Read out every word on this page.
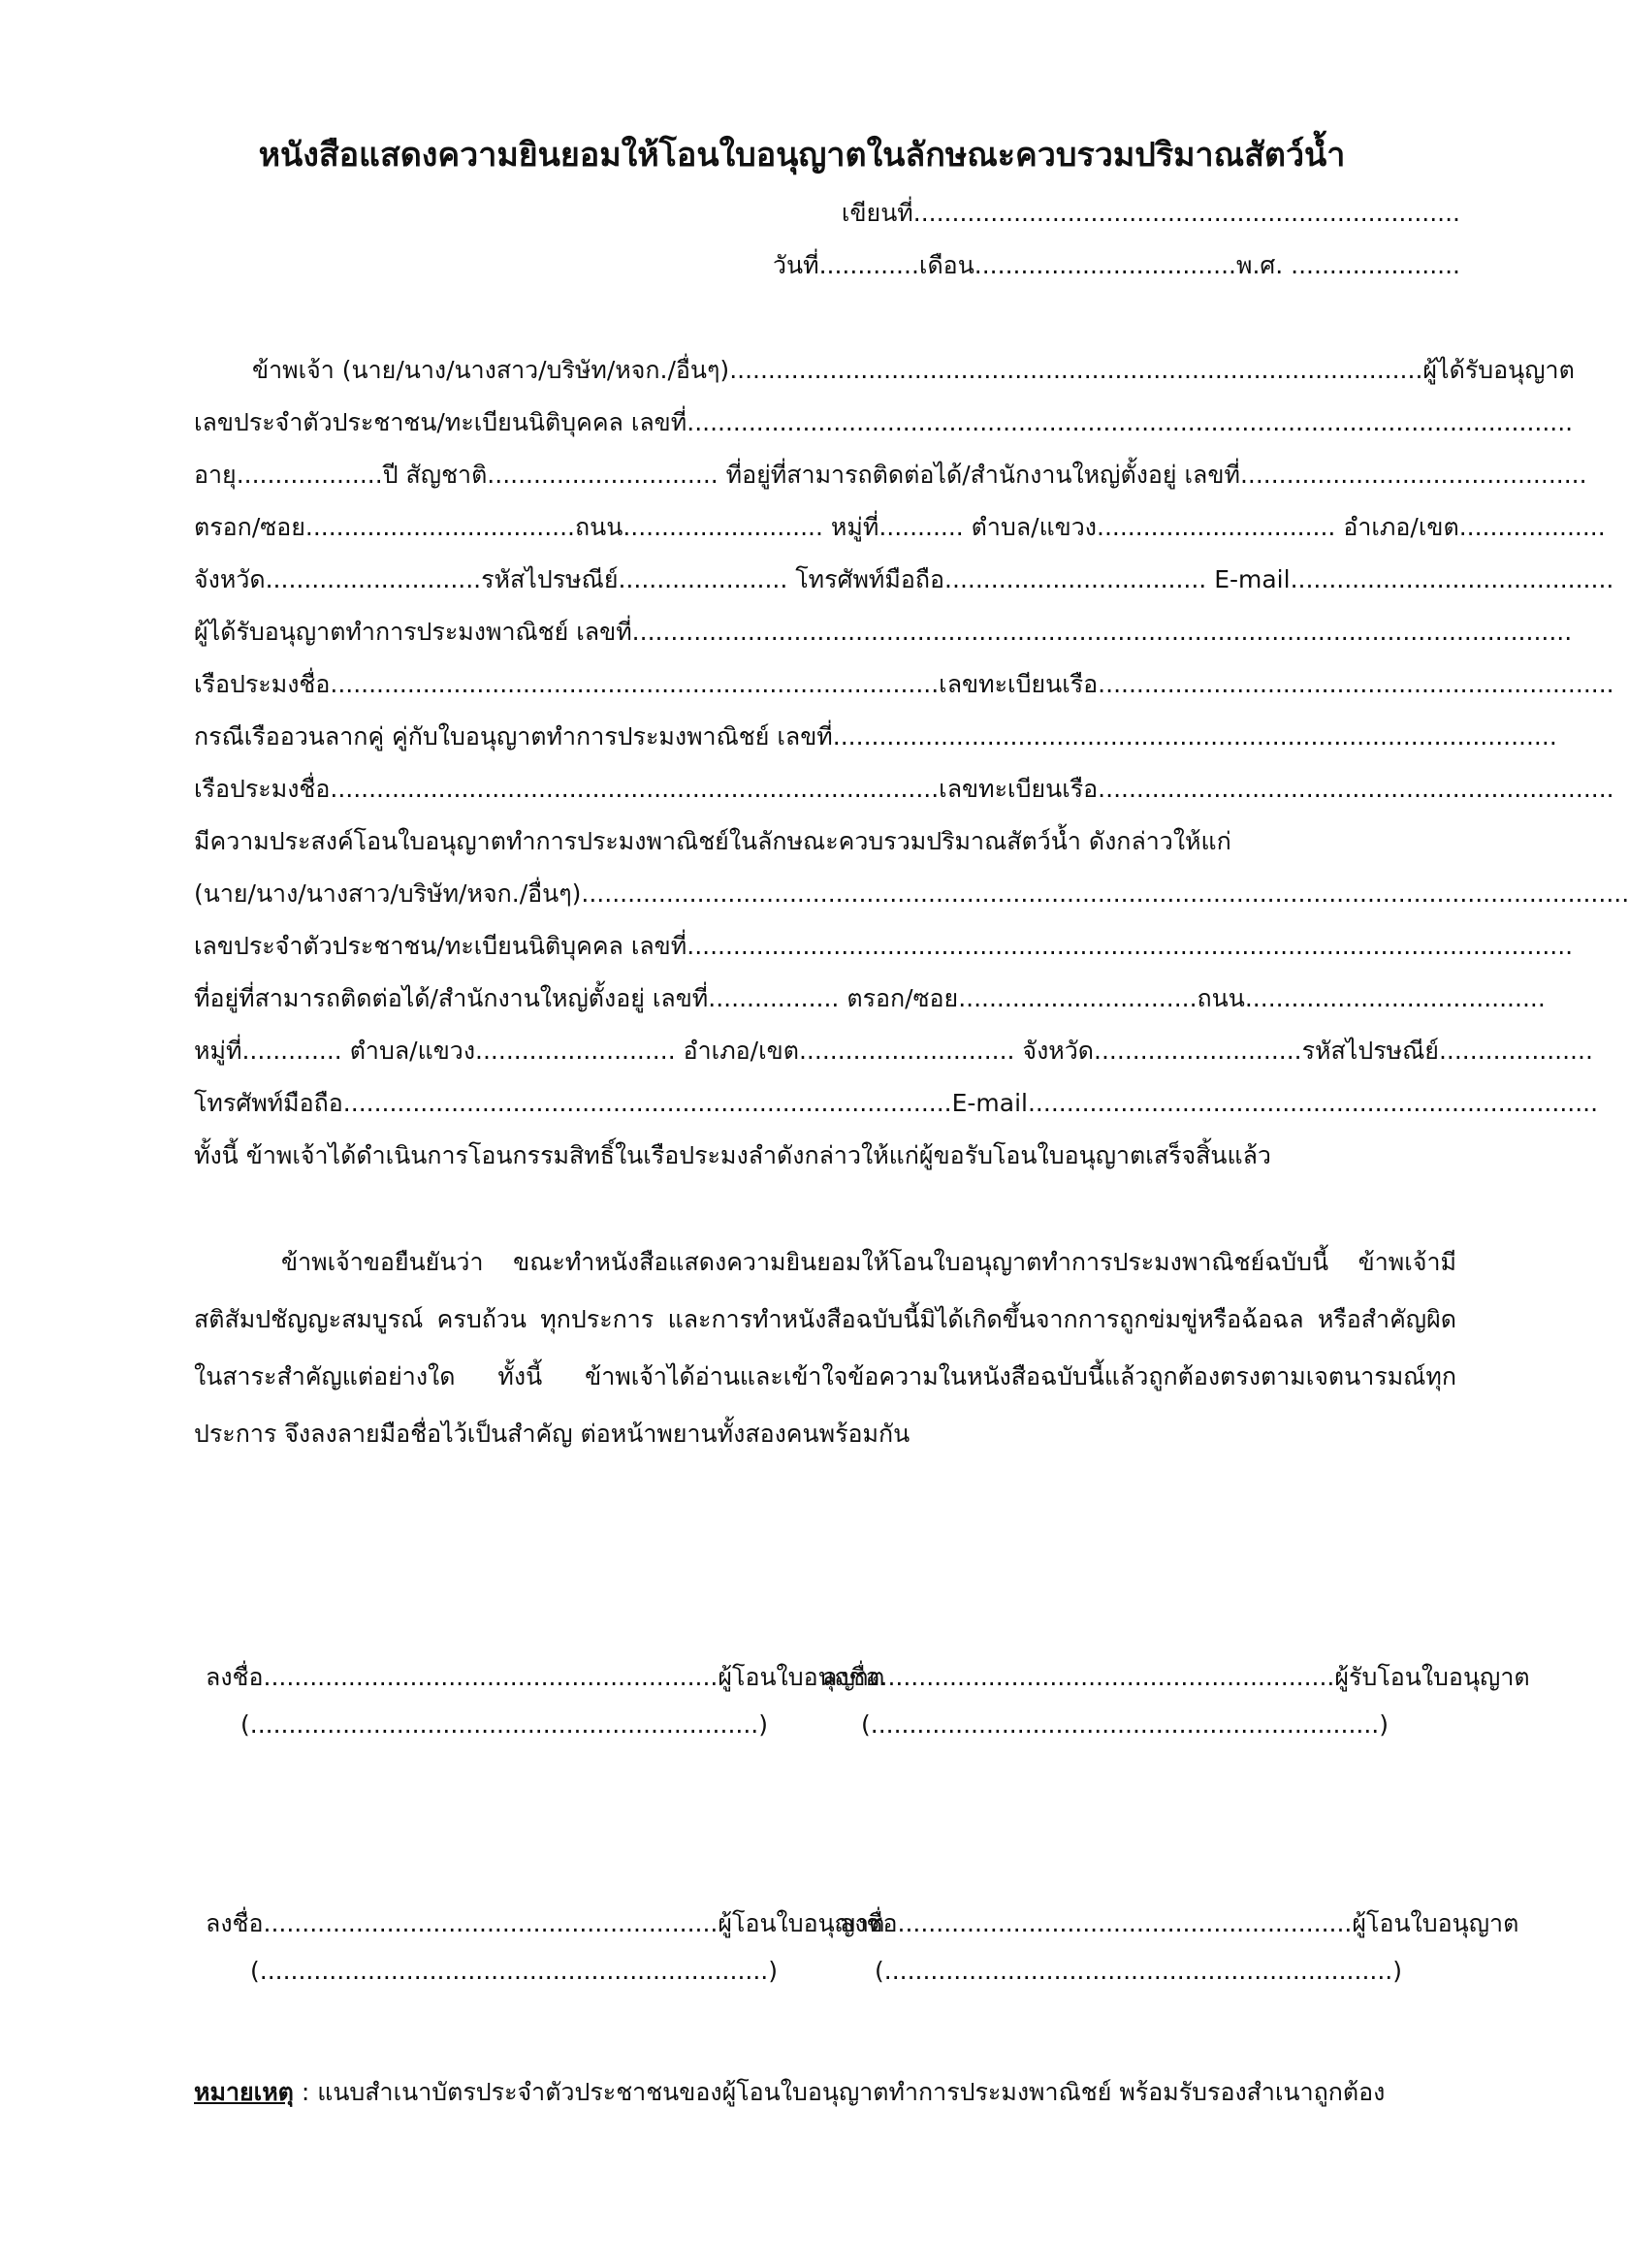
หนังสือแสดงความยินยอมให้โอนใบอนุญาตในลักษณะควบรวมปริมาณสัตว์น้ำ
เขียนที่.......................................................................
วันที่.............เดือน..................................พ.ศ. ......................
ข้าพเจ้า (นาย/นาง/นางสาว/บริษัท/หจก./อื่นๆ)..........................................................................................ผู้ได้รับอนุญาต
เลขประจำตัวประชาชน/ทะเบียนนิติบุคคล เลขที่...................................................................................................................
อายุ...................ปี สัญชาติ.............................. ที่อยู่ที่สามารถติดต่อได้/สำนักงานใหญ่ตั้งอยู่ เลขที่.............................................
ตรอก/ซอย...................................ถนน.......................... หมู่ที่........... ตำบล/แขวง............................... อำเภอ/เขต...................
จังหวัด............................รหัสไปรษณีย์...................... โทรศัพท์มือถือ.................................. E-mail..........................................
ผู้ได้รับอนุญาตทำการประมงพาณิชย์ เลขที่..........................................................................................................................
เรือประมงชื่อ...............................................................................เลขทะเบียนเรือ...................................................................
กรณีเรืออวนลากคู่ คู่กับใบอนุญาตทำการประมงพาณิชย์ เลขที่..............................................................................................
เรือประมงชื่อ...............................................................................เลขทะเบียนเรือ...................................................................
มีความประสงค์โอนใบอนุญาตทำการประมงพาณิชย์ในลักษณะควบรวมปริมาณสัตว์น้ำ ดังกล่าวให้แก่
(นาย/นาง/นางสาว/บริษัท/หจก./อื่นๆ)........................................................................................................................................
เลขประจำตัวประชาชน/ทะเบียนนิติบุคคล เลขที่...................................................................................................................
ที่อยู่ที่สามารถติดต่อได้/สำนักงานใหญ่ตั้งอยู่ เลขที่................. ตรอก/ซอย...............................ถนน.......................................
หมู่ที่............. ตำบล/แขวง.......................... อำเภอ/เขต............................ จังหวัด...........................รหัสไปรษณีย์....................
โทรศัพท์มือถือ...............................................................................E-mail..........................................................................
ทั้งนี้ ข้าพเจ้าได้ดำเนินการโอนกรรมสิทธิ์ในเรือประมงลำดังกล่าวให้แก่ผู้ขอรับโอนใบอนุญาตเสร็จสิ้นแล้ว
ข้าพเจ้าขอยืนยันว่า ขณะทำหนังสือแสดงความยินยอมให้โอนใบอนุญาตทำการประมงพาณิชย์ฉบับนี้ ข้าพเจ้ามีสติสัมปชัญญะสมบูรณ์ ครบถ้วน ทุกประการ และการทำหนังสือฉบับนี้มิได้เกิดขึ้นจากการถูกข่มขู่หรือฉ้อฉล หรือสำคัญผิดในสาระสำคัญแต่อย่างใด ทั้งนี้ ข้าพเจ้าได้อ่านและเข้าใจข้อความในหนังสือฉบับนี้แล้วถูกต้องตรงตามเจตนารมณ์ทุกประการ จึงลงลายมือชื่อไว้เป็นสำคัญ ต่อหน้าพยานทั้งสองคนพร้อมกัน
ลงชื่อ...........................................................ผู้โอนใบอนุญาต
(..................................................................)
ลงชื่อ...........................................................ผู้รับโอนใบอนุญาต
(..................................................................)
ลงชื่อ...........................................................ผู้โอนใบอนุญาต
(..................................................................)
ลงชื่อ...........................................................ผู้โอนใบอนุญาต
(..................................................................)
หมายเหตุ : แนบสำเนาบัตรประจำตัวประชาชนของผู้โอนใบอนุญาตทำการประมงพาณิชย์ พร้อมรับรองสำเนาถูกต้อง
